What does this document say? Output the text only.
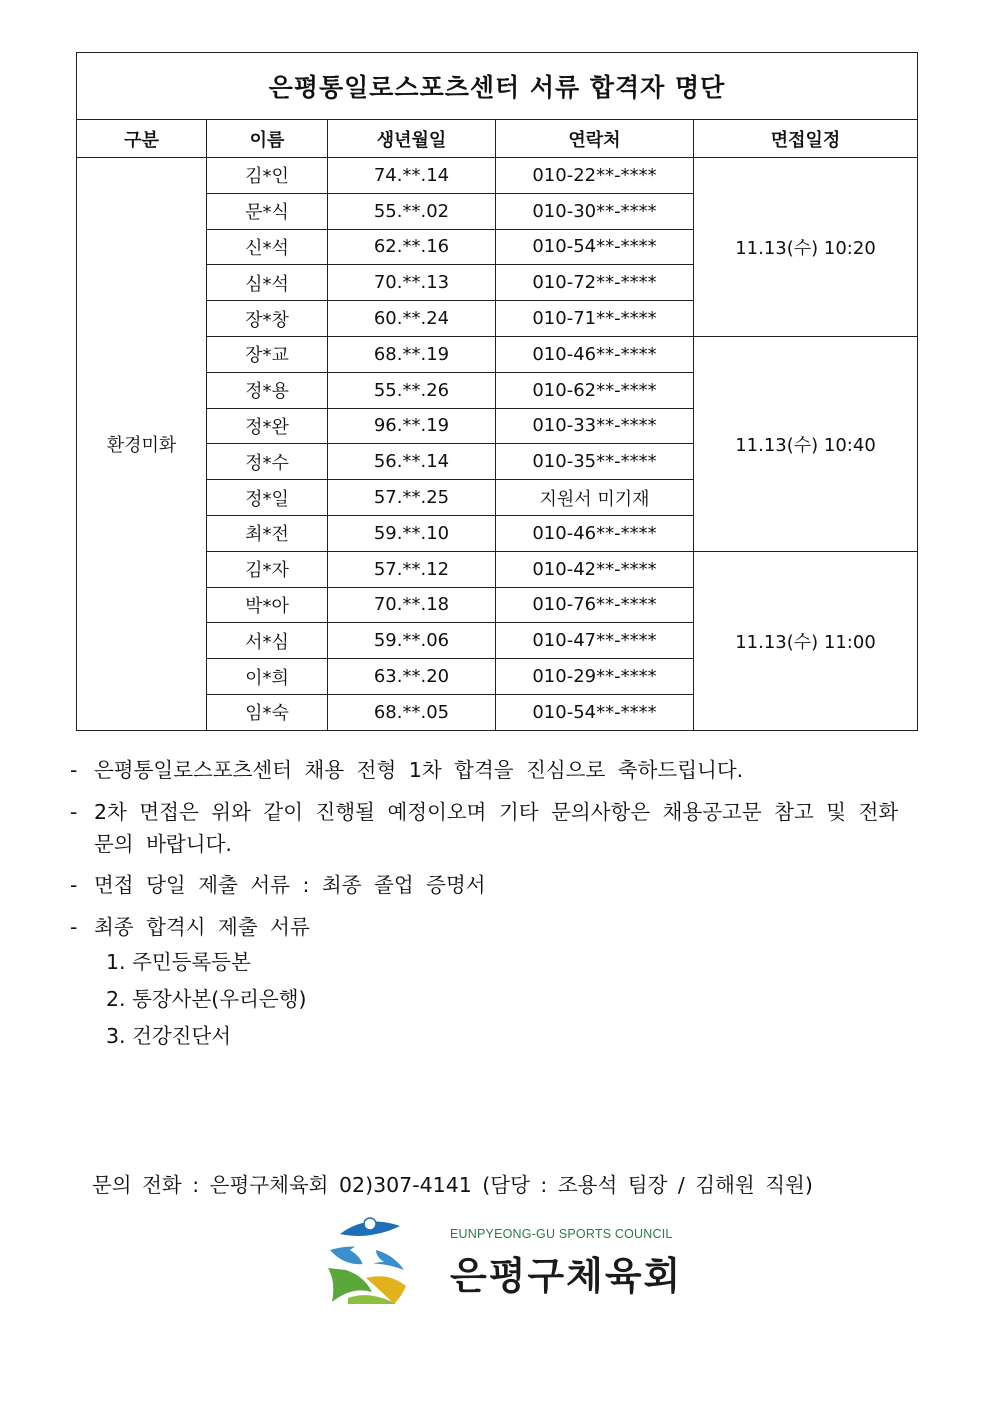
은평통일로스포츠센터 서류 합격자 명단				
구분	이름	생년월일	연락처	면접일정
환경미화	김*인	74.**.14	010-22**-****	11.13(수) 10:20
	문*식	55.**.02	010-30**-****	
	신*석	62.**.16	010-54**-****	
	심*석	70.**.13	010-72**-****	
	장*창	60.**.24	010-71**-****	
	장*교	68.**.19	010-46**-****	11.13(수) 10:40
	정*용	55.**.26	010-62**-****	
	정*완	96.**.19	010-33**-****	
	정*수	56.**.14	010-35**-****	
	정*일	57.**.25	지원서 미기재	
	최*전	59.**.10	010-46**-****	
	김*자	57.**.12	010-42**-****	11.13(수) 11:00
	박*아	70.**.18	010-76**-****	
	서*심	59.**.06	010-47**-****	
	이*희	63.**.20	010-29**-****	
	임*숙	68.**.05	010-54**-****	
- 은평통일로스포츠센터 채용 전형 1차 합격을 진심으로 축하드립니다.
- 2차 면접은 위와 같이 진행될 예정이오며 기타 문의사항은 채용공고문 참고 및 전화 문의 바랍니다.
- 면접 당일 제출 서류 : 최종 졸업 증명서
- 최종 합격시 제출 서류
1. 주민등록등본
2. 통장사본(우리은행)
3. 건강진단서
문의 전화 : 은평구체육회 02)307-4141 (담당 : 조용석 팀장 / 김해원 직원)
EUNPYEONG-GU SPORTS COUNCIL
은평구체육회
